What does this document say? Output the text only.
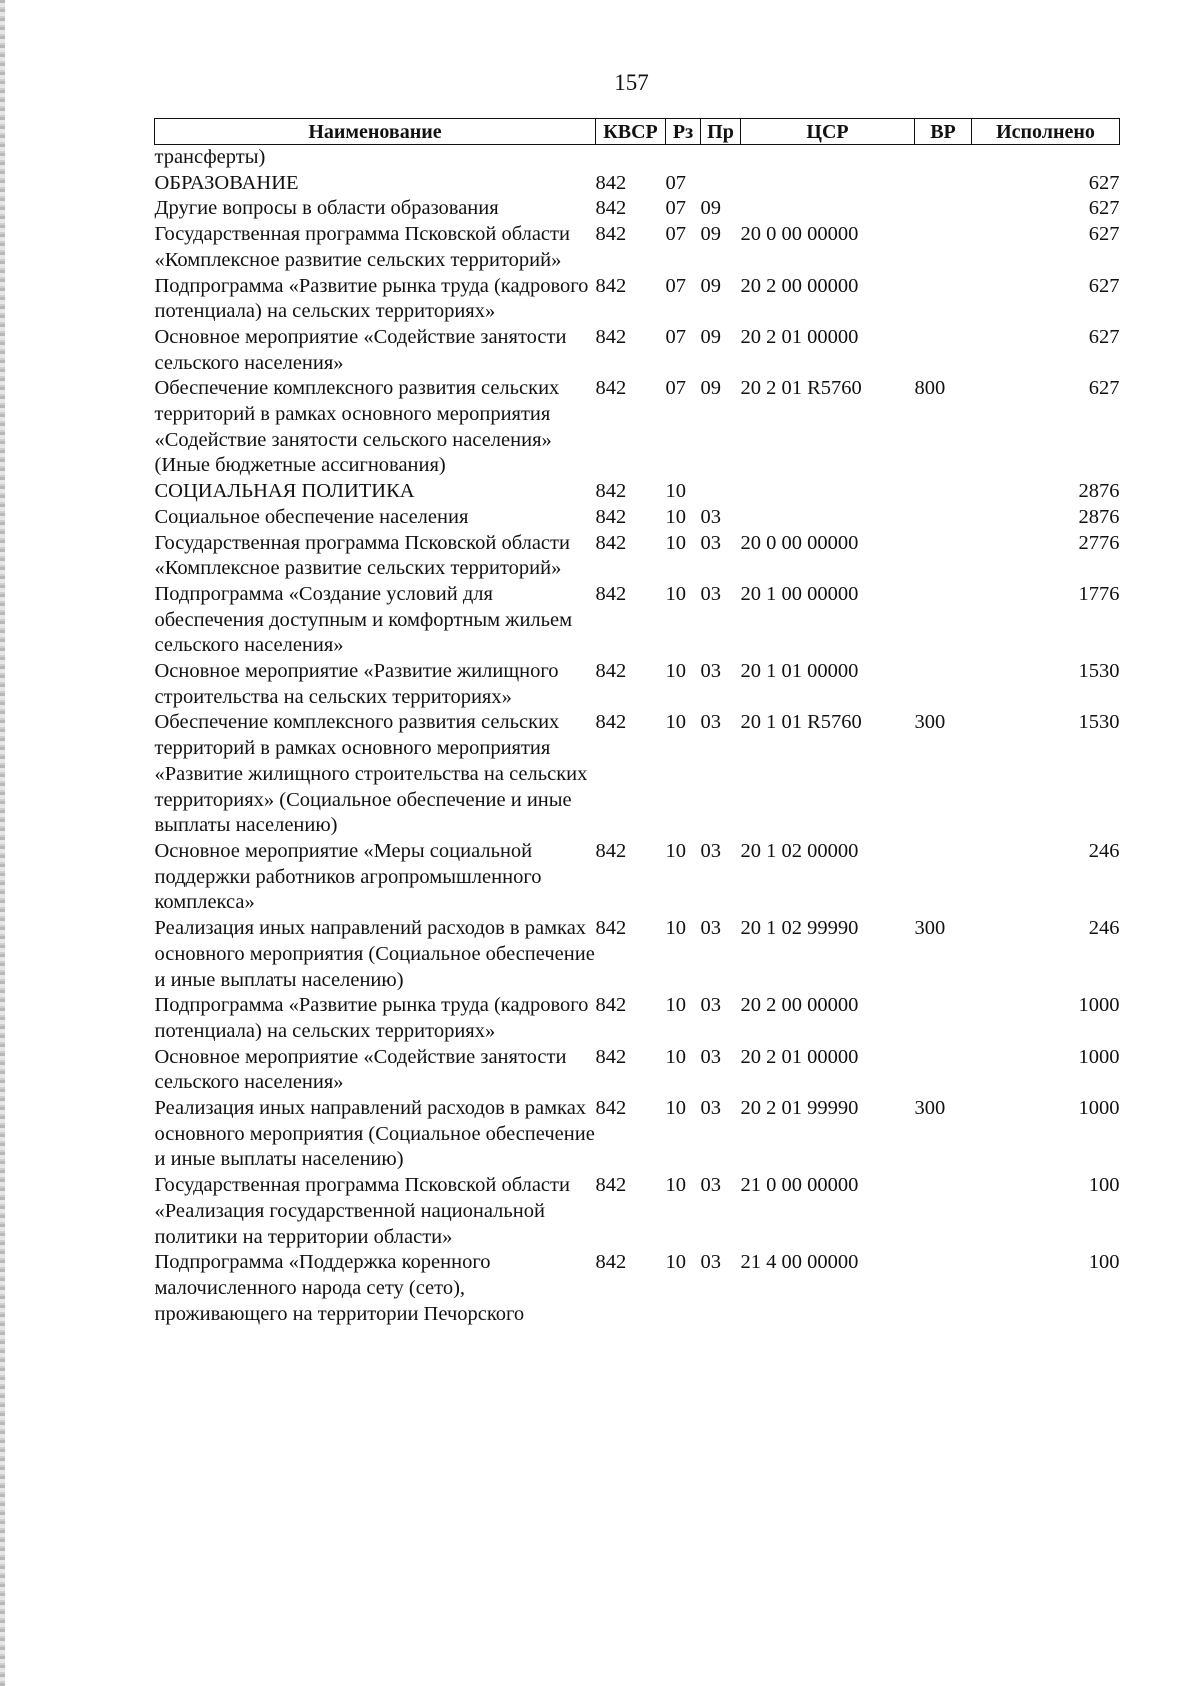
157
Наименование	КВСР	Рз	Пр	ЦСР	ВР	Исполнено
трансферты)						
ОБРАЗОВАНИЕ	842	07				627
Другие вопросы в области образования	842	07	09			627
Государственная программа Псковской области «Комплексное развитие сельских территорий»	842	07	09	20 0 00 00000		627
Подпрограмма «Развитие рынка труда (кадрового потенциала) на сельских территориях»	842	07	09	20 2 00 00000		627
Основное мероприятие «Содействие занятости сельского населения»	842	07	09	20 2 01 00000		627
Обеспечение комплексного развития сельских территорий в рамках основного мероприятия «Содействие занятости сельского населения» (Иные бюджетные ассигнования)	842	07	09	20 2 01 R5760	800	627
СОЦИАЛЬНАЯ ПОЛИТИКА	842	10				2876
Социальное обеспечение населения	842	10	03			2876
Государственная программа Псковской области «Комплексное развитие сельских территорий»	842	10	03	20 0 00 00000		2776
Подпрограмма «Создание условий для обеспечения доступным и комфортным жильем сельского населения»	842	10	03	20 1 00 00000		1776
Основное мероприятие «Развитие жилищного строительства на сельских территориях»	842	10	03	20 1 01 00000		1530
Обеспечение комплексного развития сельских территорий в рамках основного мероприятия «Развитие жилищного строительства на сельских территориях» (Социальное обеспечение и иные выплаты населению)	842	10	03	20 1 01 R5760	300	1530
Основное мероприятие «Меры социальной поддержки работников агропромышленного комплекса»	842	10	03	20 1 02 00000		246
Реализация иных направлений расходов в рамках основного мероприятия (Социальное обеспечение и иные выплаты населению)	842	10	03	20 1 02 99990	300	246
Подпрограмма «Развитие рынка труда (кадрового потенциала) на сельских территориях»	842	10	03	20 2 00 00000		1000
Основное мероприятие «Содействие занятости сельского населения»	842	10	03	20 2 01 00000		1000
Реализация иных направлений расходов в рамках основного мероприятия (Социальное обеспечение и иные выплаты населению)	842	10	03	20 2 01 99990	300	1000
Государственная программа Псковской области «Реализация государственной национальной политики на территории области»	842	10	03	21 0 00 00000		100
Подпрограмма «Поддержка коренного малочисленного народа сету (сето), проживающего на территории Печорского	842	10	03	21 4 00 00000		100
